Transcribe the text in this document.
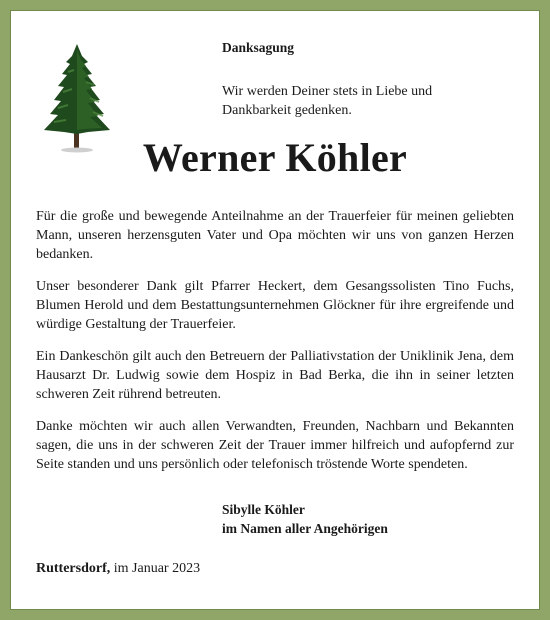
Danksagung
Wir werden Deiner stets in Liebe und
Dankbarkeit gedenken.
Werner Köhler

Für die große und bewegende Anteilnahme an der Trauerfeier für meinen geliebten Mann, unseren herzensguten Vater und Opa möchten wir uns von ganzen Herzen bedanken.

Unser besonderer Dank gilt Pfarrer Heckert, dem Gesangssolisten Tino Fuchs, Blumen Herold und dem Bestattungsunternehmen Glöckner für ihre ergreifende und würdige Gestaltung der Trauerfeier.

Ein Dankeschön gilt auch den Betreuern der Palliativstation der Uniklinik Jena, dem Hausarzt Dr. Ludwig sowie dem Hospiz in Bad Berka, die ihn in seiner letzten schweren Zeit rührend betreuten.

Danke möchten wir auch allen Verwandten, Freunden, Nachbarn und Bekannten sagen, die uns in der schweren Zeit der Trauer immer hilfreich und aufopfernd zur Seite standen und uns persönlich oder telefonisch tröstende Worte spendeten.

Sibylle Köhler
im Namen aller Angehörigen
Ruttersdorf, im Januar 2023
